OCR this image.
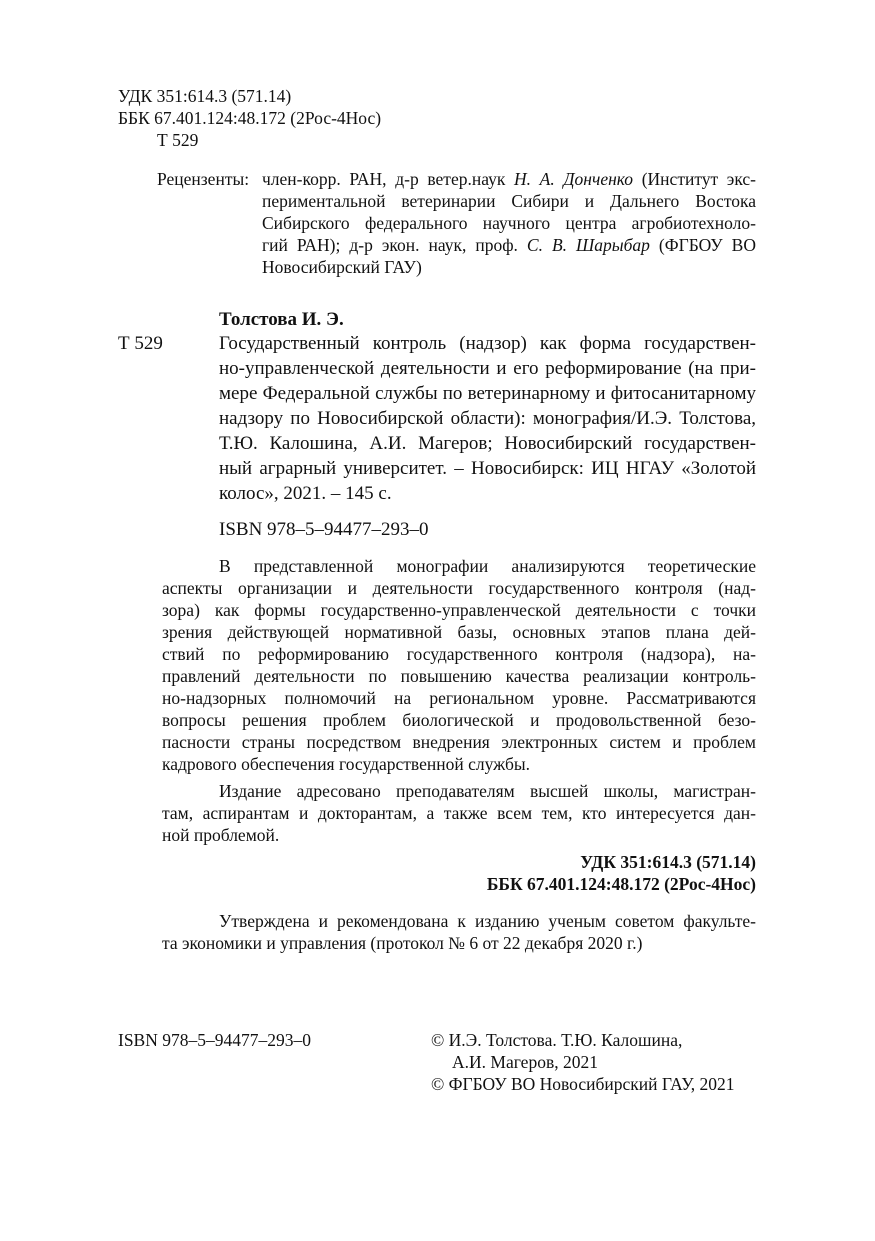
УДК 351:614.3 (571.14)
ББК 67.401.124:48.172 (2Рос-4Нос)
Т 529
Рецензенты: член-корр. РАН, д-р ветер.наук Н. А. Донченко (Институт экс-
периментальной ветеринарии Сибири и Дальнего Востока
Сибирского федерального научного центра агробиотехноло-
гий РАН); д-р экон. наук, проф. С. В. Шарыбар (ФГБОУ ВО
Новосибирский ГАУ)
Толстова И. Э.
Т 529	Государственный контроль (надзор) как форма государствен-
но-управленческой деятельности и его реформирование (на при-
мере Федеральной службы по ветеринарному и фитосанитарному
надзору по Новосибирской области): монография/И.Э. Толстова,
Т.Ю. Калошина, А.И. Магеров; Новосибирский государствен-
ный аграрный университет. – Новосибирск: ИЦ НГАУ «Золотой
колос», 2021. – 145 с.
ISBN 978–5–94477–293–0
В представленной монографии анализируются теоретические
аспекты организации и деятельности государственного контроля (над-
зора) как формы государственно-управленческой деятельности с точки
зрения действующей нормативной базы, основных этапов плана дей-
ствий по реформированию государственного контроля (надзора), на-
правлений деятельности по повышению качества реализации контроль-
но-надзорных полномочий на региональном уровне. Рассматриваются
вопросы решения проблем биологической и продовольственной безо-
пасности страны посредством внедрения электронных систем и проблем
кадрового обеспечения государственной службы.
Издание адресовано преподавателям высшей школы, магистран-
там, аспирантам и докторантам, а также всем тем, кто интересуется дан-
ной проблемой.
УДК 351:614.3 (571.14)
ББК 67.401.124:48.172 (2Рос-4Нос)
Утверждена и рекомендована к изданию ученым советом факульте-
та экономики и управления (протокол № 6 от 22 декабря 2020 г.)
ISBN 978–5–94477–293–0	© И.Э. Толстова. Т.Ю. Калошина,
А.И. Магеров, 2021
© ФГБОУ ВО Новосибирский ГАУ, 2021
